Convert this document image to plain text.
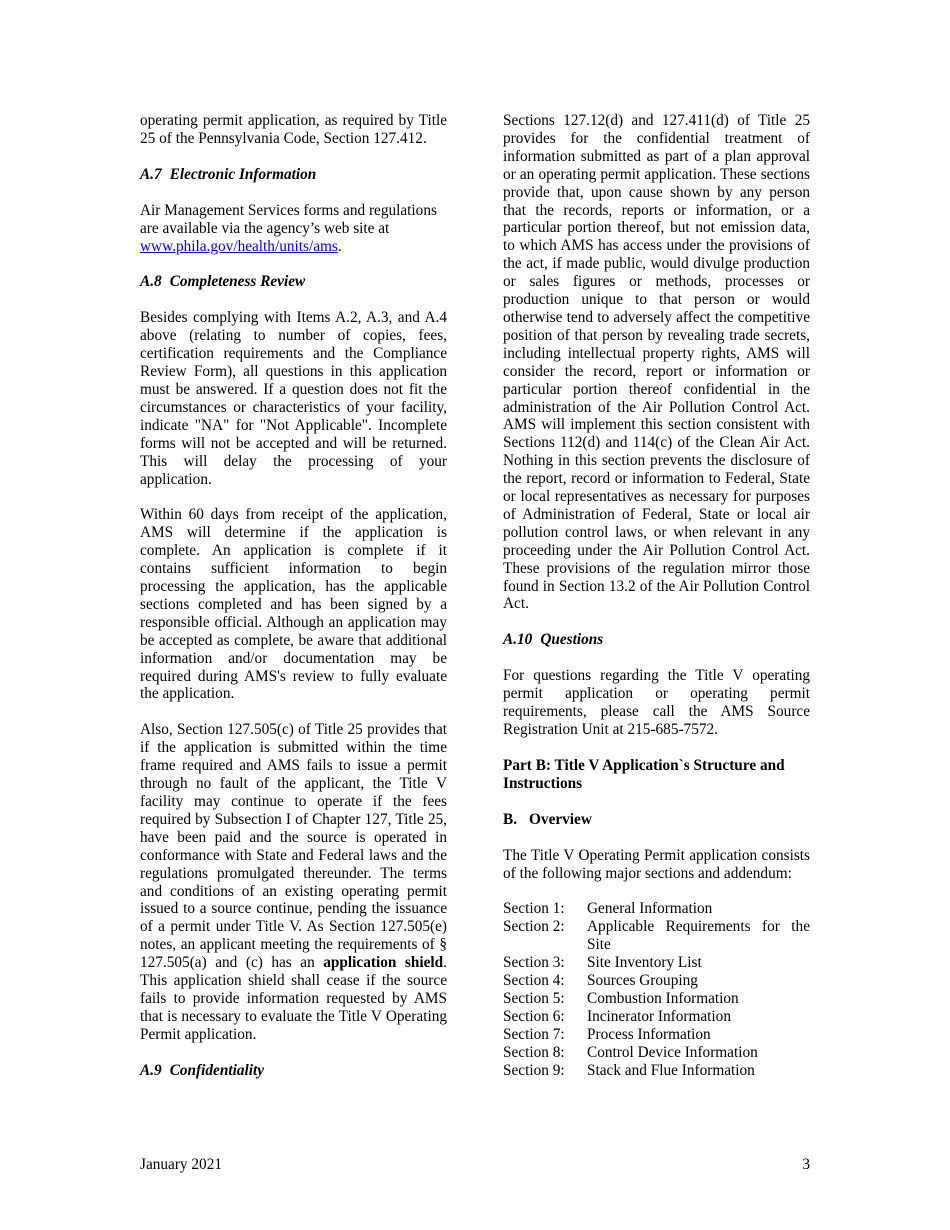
operating permit application, as required by Title 25 of the Pennsylvania Code, Section 127.412.

A.7 Electronic Information

Air Management Services forms and regulations are available via the agency’s web site at www.phila.gov/health/units/ams.

A.8 Completeness Review

Besides complying with Items A.2, A.3, and A.4 above (relating to number of copies, fees, certification requirements and the Compliance Review Form), all questions in this application must be answered. If a question does not fit the circumstances or characteristics of your facility, indicate "NA" for "Not Applicable". Incomplete forms will not be accepted and will be returned. This will delay the processing of your application.

Within 60 days from receipt of the application, AMS will determine if the application is complete. An application is complete if it contains sufficient information to begin processing the application, has the applicable sections completed and has been signed by a responsible official. Although an application may be accepted as complete, be aware that additional information and/or documentation may be required during AMS's review to fully evaluate the application.

Also, Section 127.505(c) of Title 25 provides that if the application is submitted within the time frame required and AMS fails to issue a permit through no fault of the applicant, the Title V facility may continue to operate if the fees required by Subsection I of Chapter 127, Title 25, have been paid and the source is operated in conformance with State and Federal laws and the regulations promulgated thereunder. The terms and conditions of an existing operating permit issued to a source continue, pending the issuance of a permit under Title V. As Section 127.505(e) notes, an applicant meeting the requirements of § 127.505(a) and (c) has an application shield. This application shield shall cease if the source fails to provide information requested by AMS that is necessary to evaluate the Title V Operating Permit application.

A.9 Confidentiality

Sections 127.12(d) and 127.411(d) of Title 25 provides for the confidential treatment of information submitted as part of a plan approval or an operating permit application. These sections provide that, upon cause shown by any person that the records, reports or information, or a particular portion thereof, but not emission data, to which AMS has access under the provisions of the act, if made public, would divulge production or sales figures or methods, processes or production unique to that person or would otherwise tend to adversely affect the competitive position of that person by revealing trade secrets, including intellectual property rights, AMS will consider the record, report or information or particular portion thereof confidential in the administration of the Air Pollution Control Act. AMS will implement this section consistent with Sections 112(d) and 114(c) of the Clean Air Act. Nothing in this section prevents the disclosure of the report, record or information to Federal, State or local representatives as necessary for purposes of Administration of Federal, State or local air pollution control laws, or when relevant in any proceeding under the Air Pollution Control Act. These provisions of the regulation mirror those found in Section 13.2 of the Air Pollution Control Act.

A.10 Questions

For questions regarding the Title V operating permit application or operating permit requirements, please call the AMS Source Registration Unit at 215-685-7572.

Part B: Title V Application`s Structure and Instructions
B. Overview

The Title V Operating Permit application consists of the following major sections and addendum:

Section 1:	General Information
Section 2:	Applicable Requirements for the Site
Section 3:	Site Inventory List
Section 4:	Sources Grouping
Section 5:	Combustion Information
Section 6:	Incinerator Information
Section 7:	Process Information
Section 8:	Control Device Information
Section 9:	Stack and Flue Information
January 2021	3
